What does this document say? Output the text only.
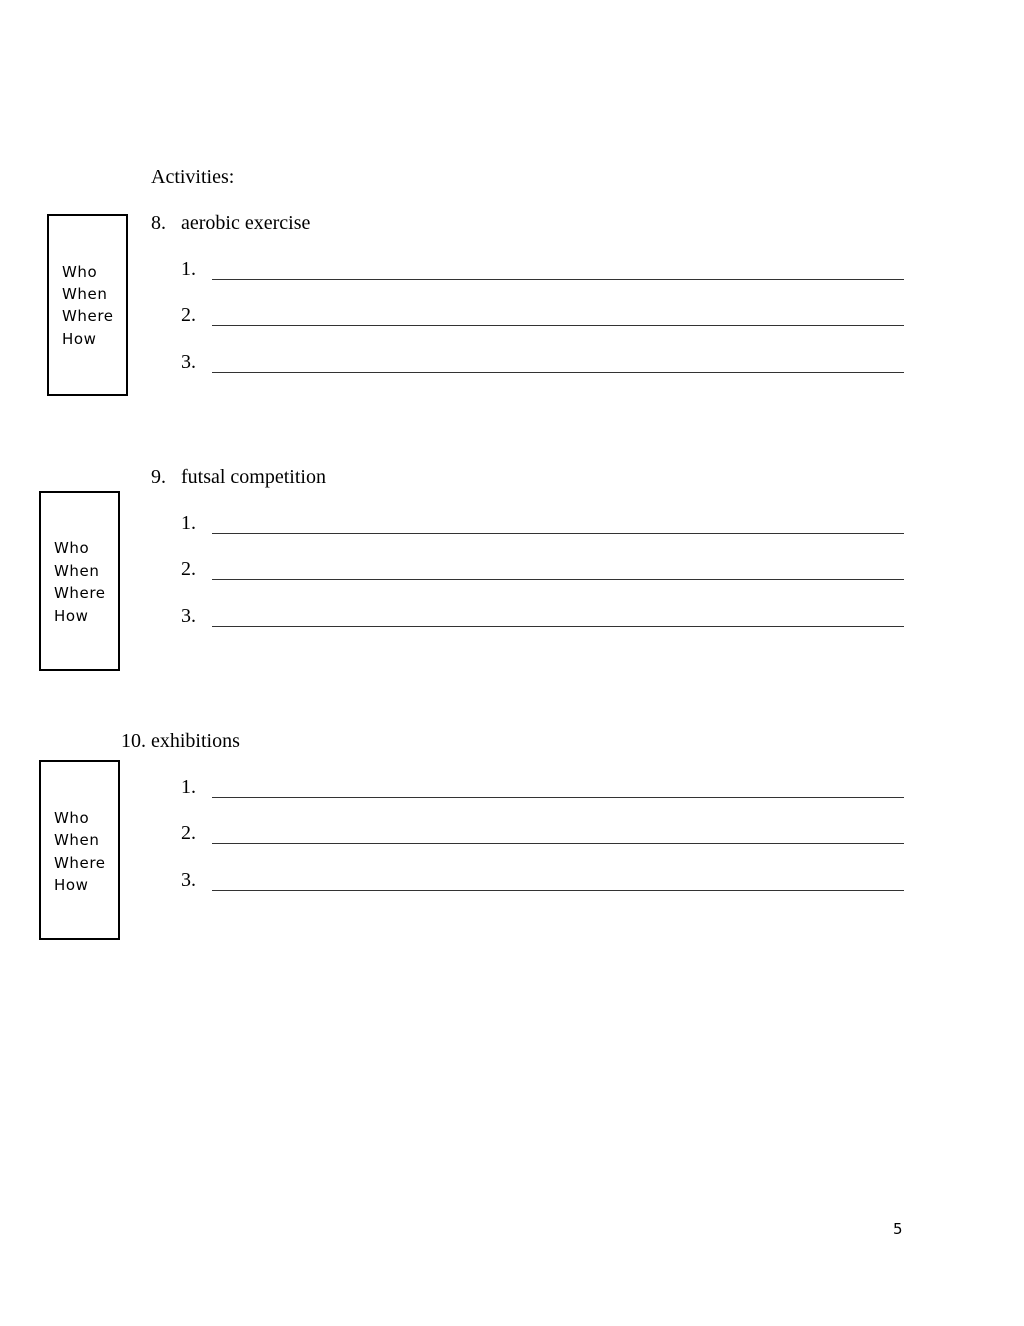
Activities:
8. aerobic exercise
Who
When
Where
How
1.
2.
3.
9. futsal competition
Who
When
Where
How
1.
2.
3.
10. exhibitions
Who
When
Where
How
1.
2.
3.
5
